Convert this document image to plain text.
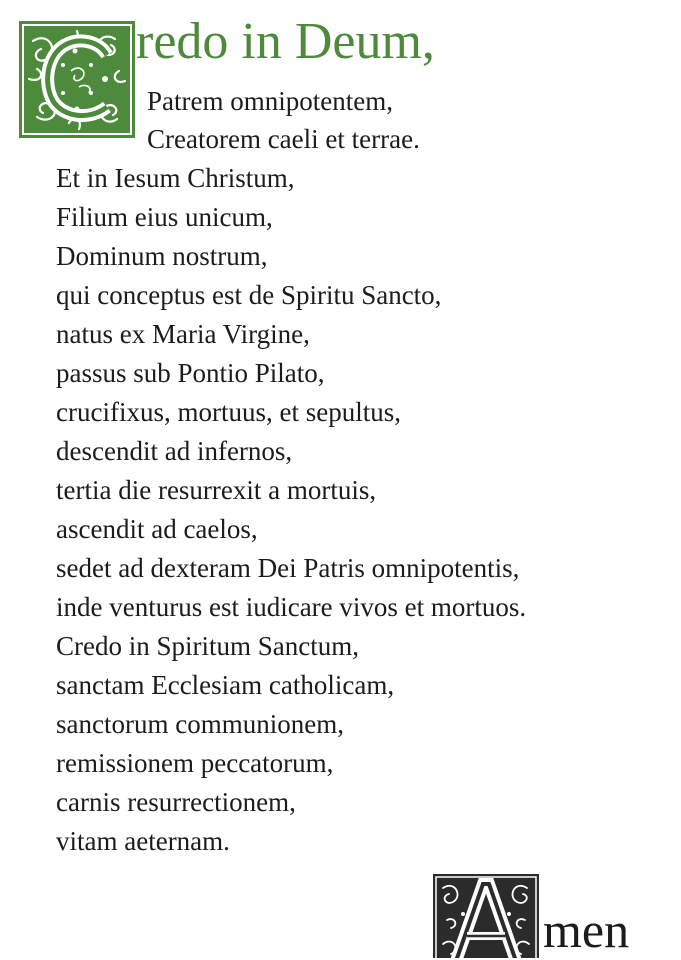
redo in Deum,
Patrem omnipotentem,
Creatorem caeli et terrae.
Et in Iesum Christum,
Filium eius unicum,
Dominum nostrum,
qui conceptus est de Spiritu Sancto,
natus ex Maria Virgine,
passus sub Pontio Pilato,
crucifixus, mortuus, et sepultus,
descendit ad infernos,
tertia die resurrexit a mortuis,
ascendit ad caelos,
sedet ad dexteram Dei Patris omnipotentis,
inde venturus est iudicare vivos et mortuos.
Credo in Spiritum Sanctum,
sanctam Ecclesiam catholicam,
sanctorum communionem,
remissionem peccatorum,
carnis resurrectionem,
vitam aeternam.
men
